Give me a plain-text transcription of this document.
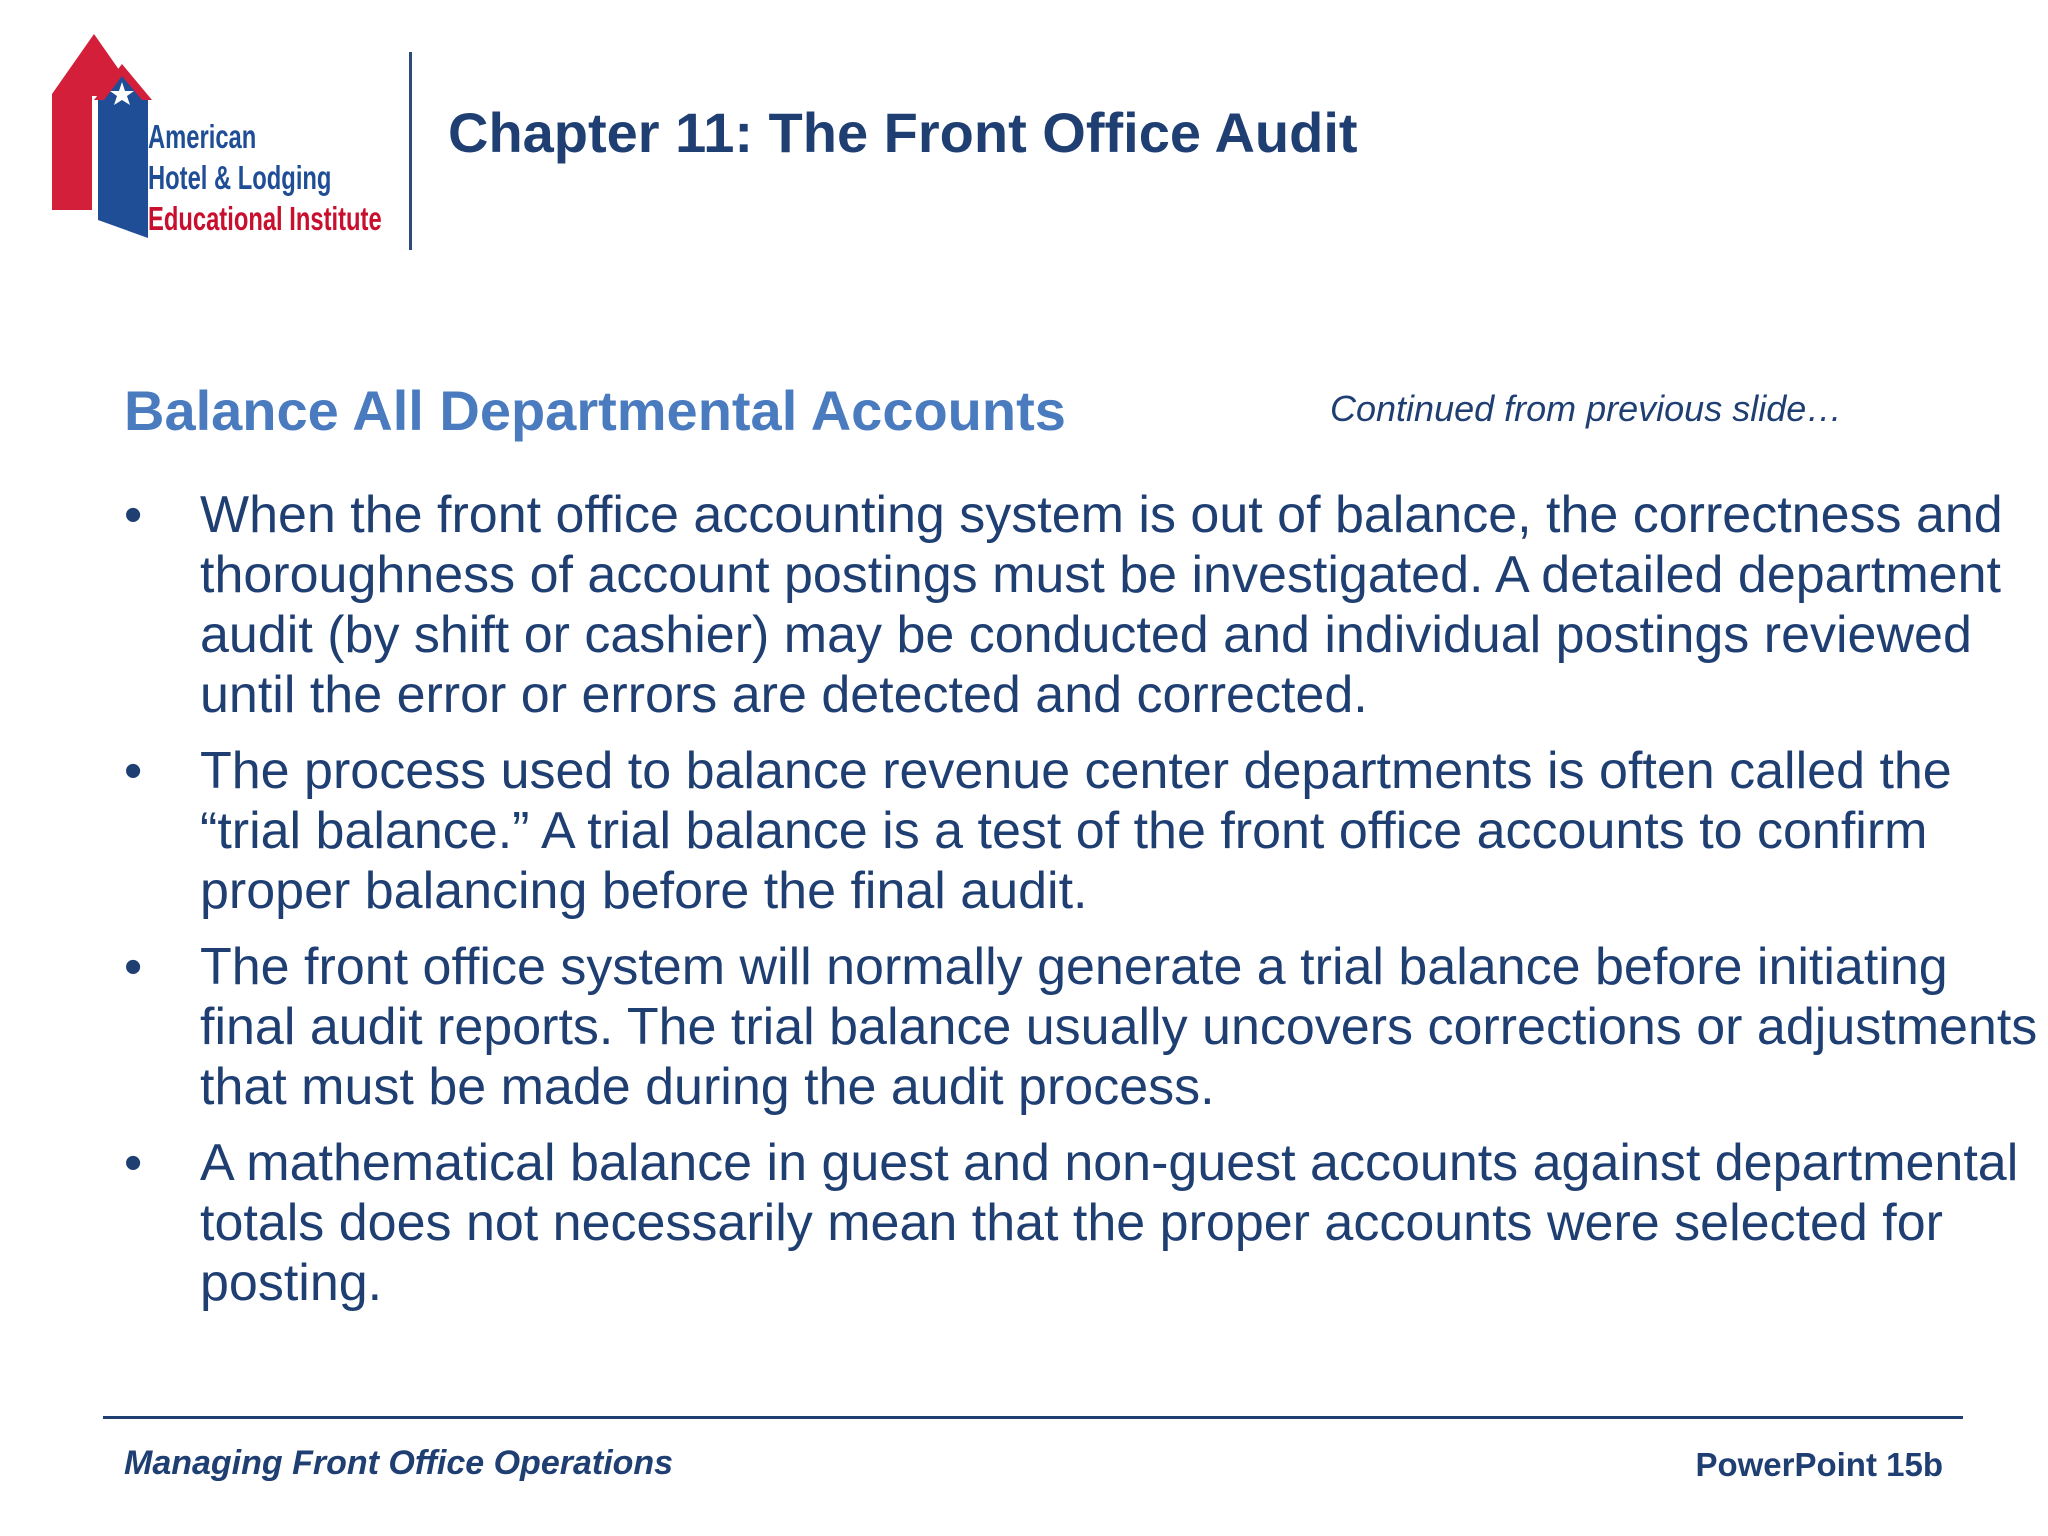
American
Hotel & Lodging
Educational Institute
Chapter 11: The Front Office Audit
Balance All Departmental Accounts	Continued from previous slide…
• When the front office accounting system is out of balance, the correctness and thoroughness of account postings must be investigated. A detailed department audit (by shift or cashier) may be conducted and individual postings reviewed until the error or errors are detected and corrected.
• The process used to balance revenue center departments is often called the “trial balance.” A trial balance is a test of the front office accounts to confirm proper balancing before the final audit.
• The front office system will normally generate a trial balance before initiating final audit reports. The trial balance usually uncovers corrections or adjustments that must be made during the audit process.
• A mathematical balance in guest and non-guest accounts against departmental totals does not necessarily mean that the proper accounts were selected for posting.
Managing Front Office Operations	PowerPoint 15b
